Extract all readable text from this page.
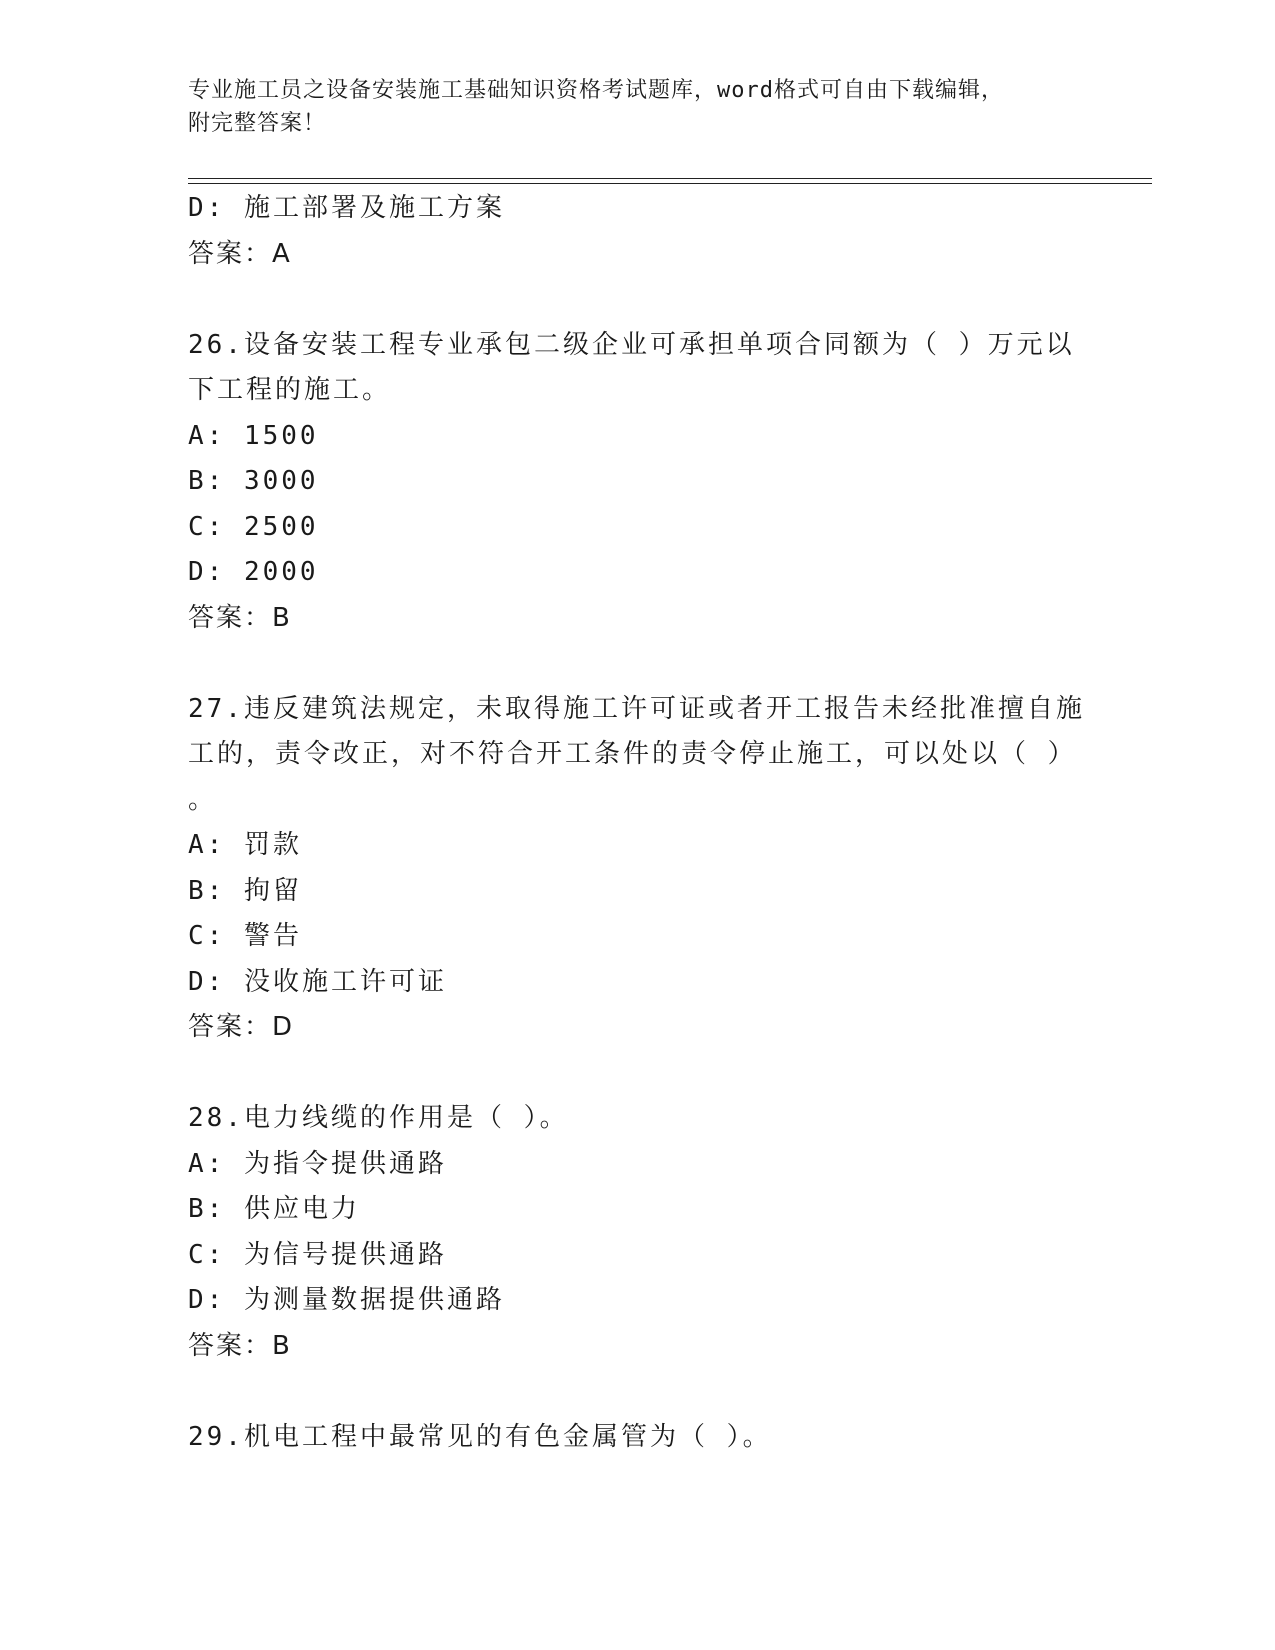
专业施工员之设备安装施工基础知识资格考试题库，word格式可自由下载编辑，
附完整答案！
D: 施工部署及施工方案
答案：A
26.设备安装工程专业承包二级企业可承担单项合同额为（ ）万元以
下工程的施工。
A: 1500
B: 3000
C: 2500
D: 2000
答案：B
27.违反建筑法规定，未取得施工许可证或者开工报告未经批准擅自施
工的，责令改正，对不符合开工条件的责令停止施工，可以处以（ ）
。
A: 罚款
B: 拘留
C: 警告
D: 没收施工许可证
答案：D
28.电力线缆的作用是（ ）。
A: 为指令提供通路
B: 供应电力
C: 为信号提供通路
D: 为测量数据提供通路
答案：B
29.机电工程中最常见的有色金属管为（ ）。
